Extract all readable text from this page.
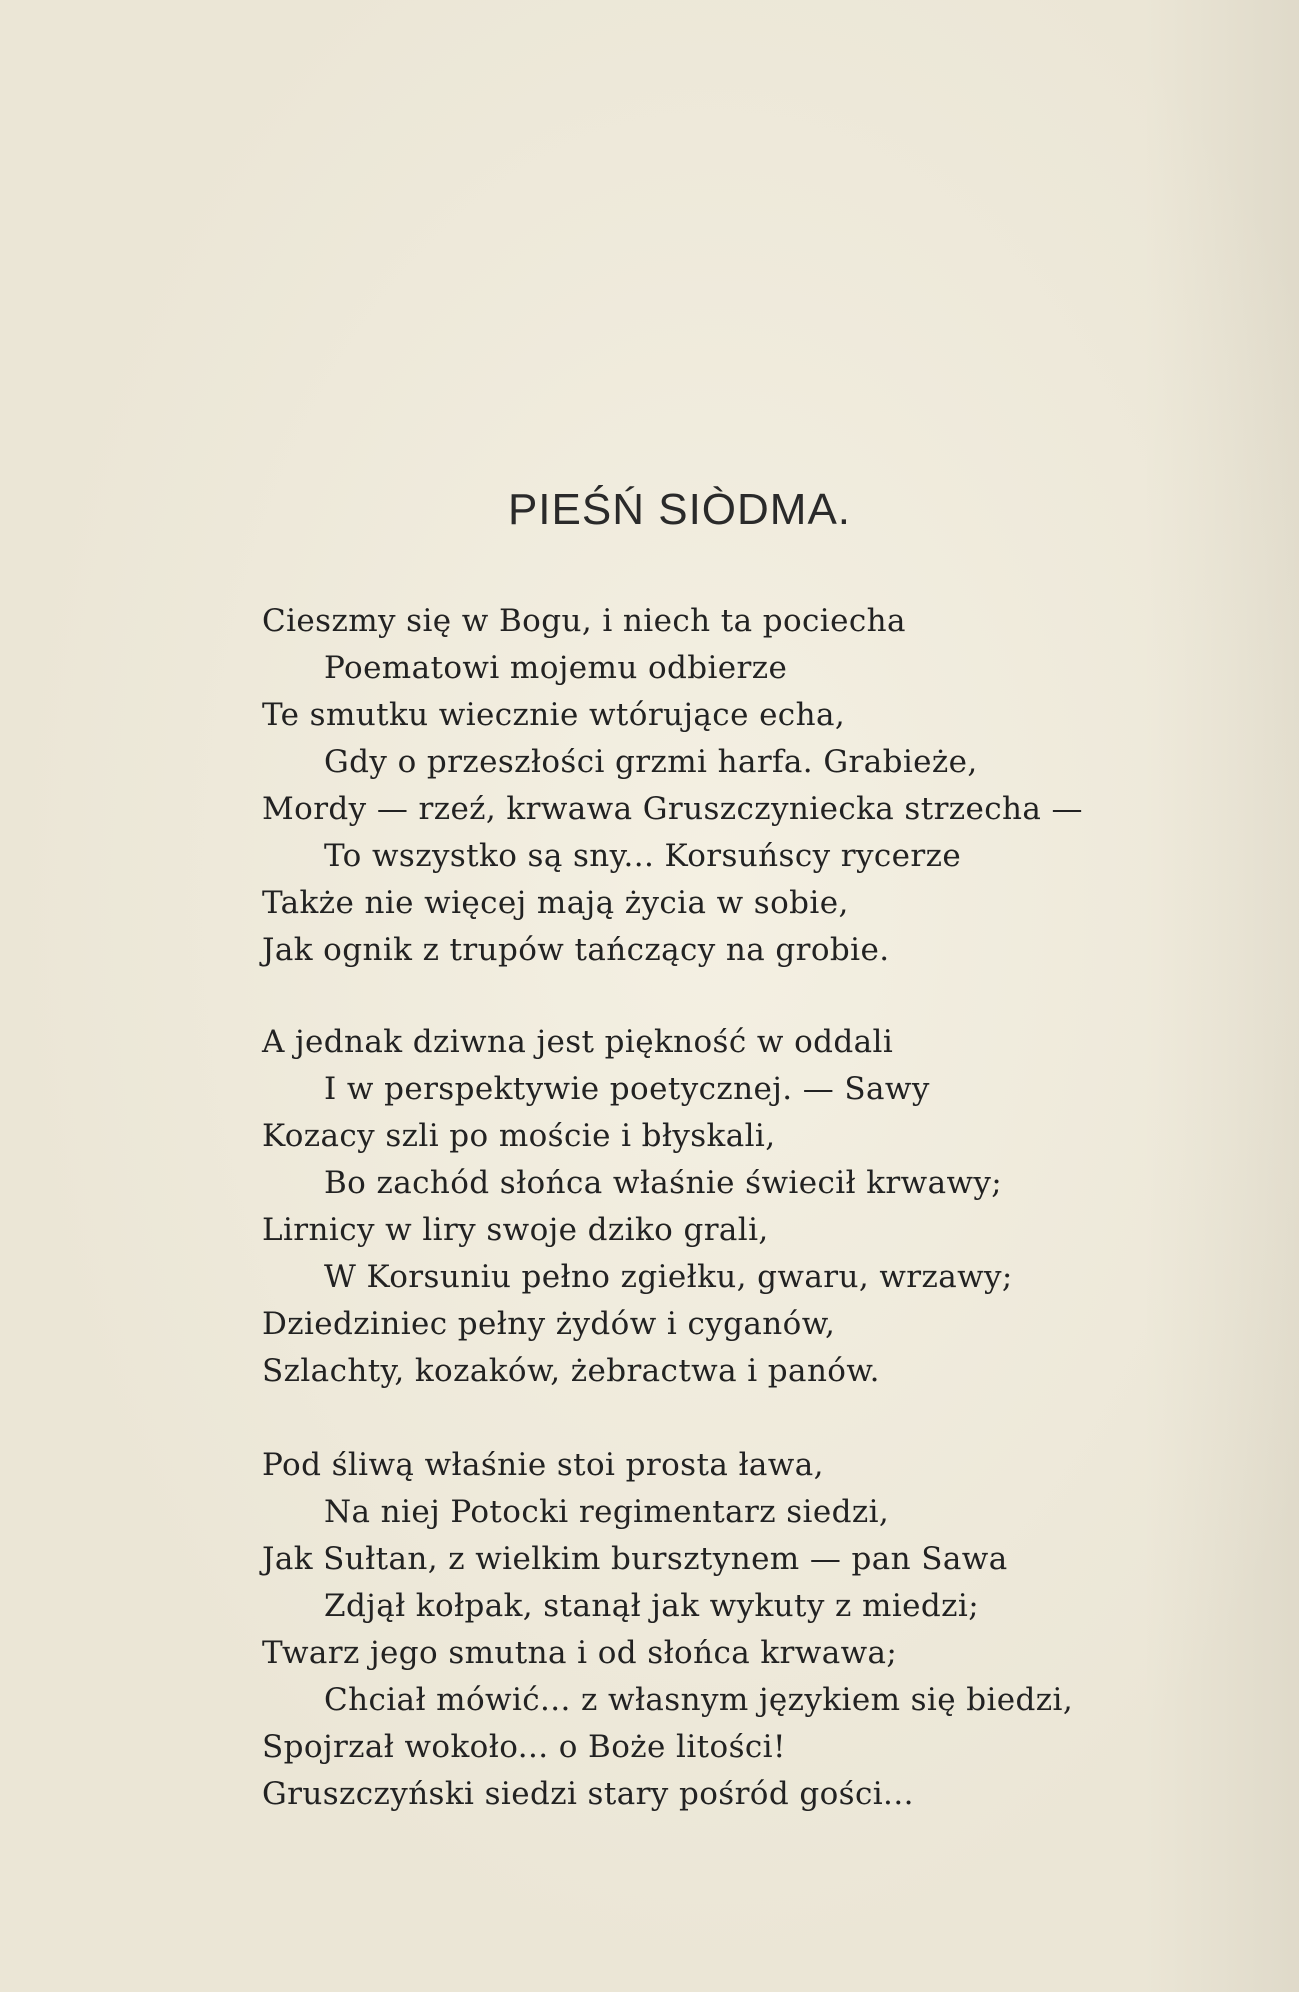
PIEŚŃ SIÒDMA.
Cieszmy się w Bogu, i niech ta pociecha
Poematowi mojemu odbierze
Te smutku wiecznie wtórujące echa,
Gdy o przeszłości grzmi harfa. Grabieże,
Mordy — rzeź, krwawa Gruszczyniecka strzecha —
To wszystko są sny... Korsuńscy rycerze
Także nie więcej mają życia w sobie,
Jak ognik z trupów tańczący na grobie.
A jednak dziwna jest piękność w oddali
I w perspektywie poetycznej. — Sawy
Kozacy szli po moście i błyskali,
Bo zachód słońca właśnie świecił krwawy;
Lirnicy w liry swoje dziko grali,
W Korsuniu pełno zgiełku, gwaru, wrzawy;
Dziedziniec pełny żydów i cyganów,
Szlachty, kozaków, żebractwa i panów.
Pod śliwą właśnie stoi prosta ława,
Na niej Potocki regimentarz siedzi,
Jak Sułtan, z wielkim bursztynem — pan Sawa
Zdjął kołpak, stanął jak wykuty z miedzi;
Twarz jego smutna i od słońca krwawa;
Chciał mówić... z własnym językiem się biedzi,
Spojrzał wokoło... o Boże litości!
Gruszczyński siedzi stary pośród gości...
